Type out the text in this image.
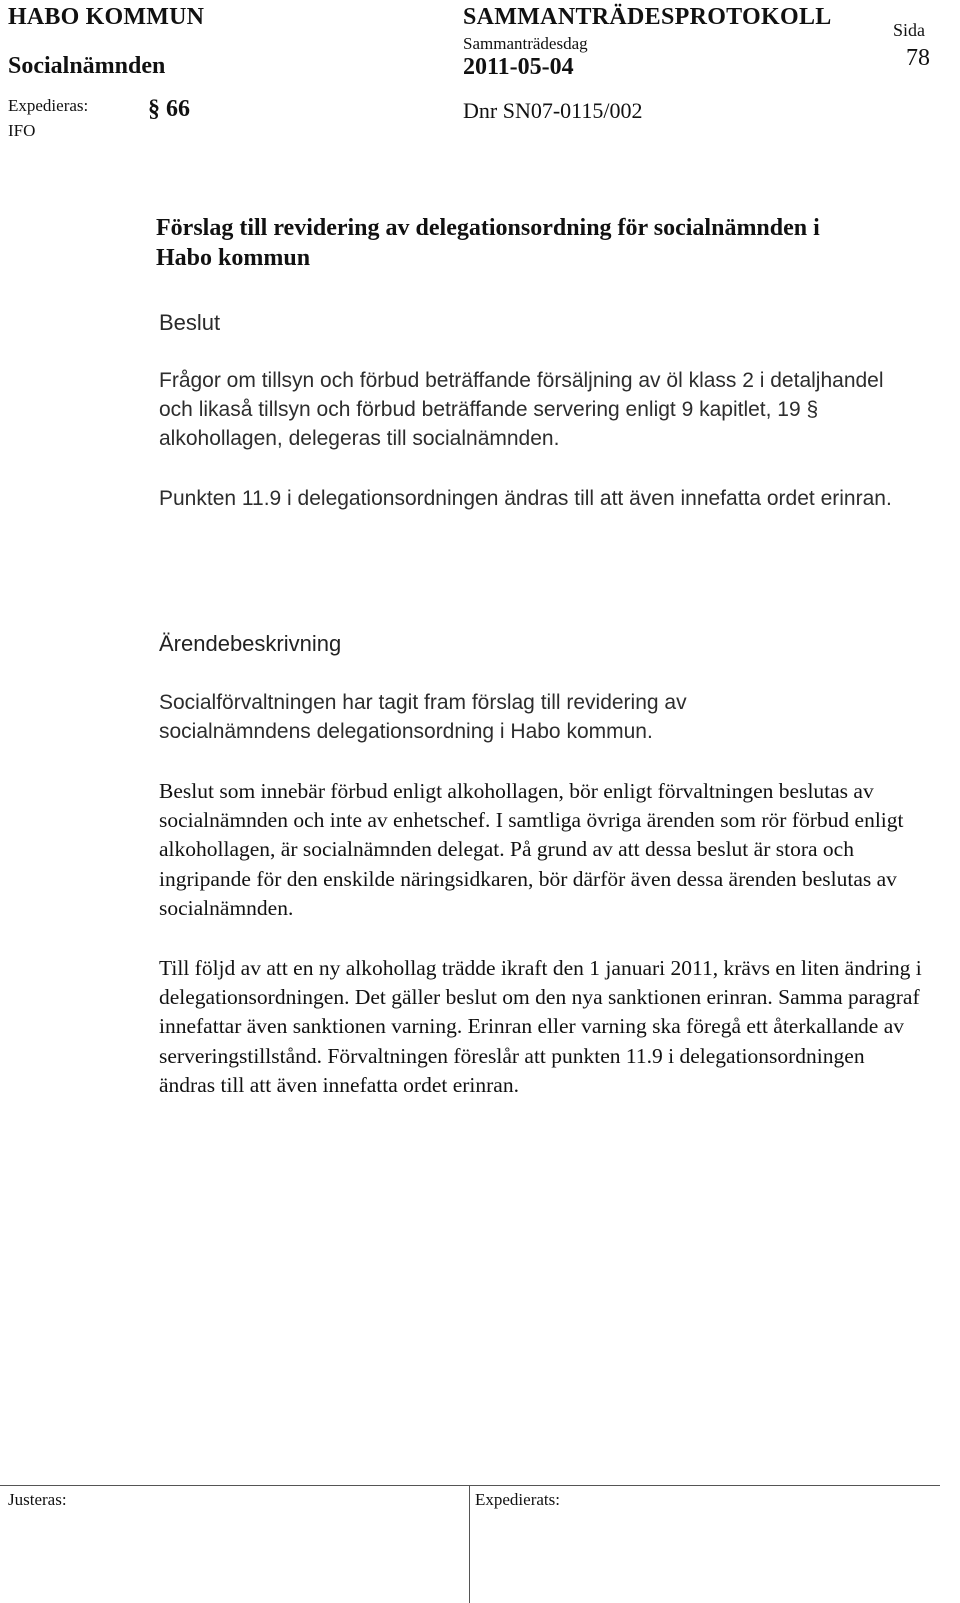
HABO KOMMUN
Socialnämnden
Expedieras:
IFO
§ 66
SAMMANTRÄDESPROTOKOLL
Sammanträdesdag
2011-05-04
Dnr SN07-0115/002
Sida
78
Förslag till revidering av delegationsordning för socialnämnden i
Habo kommun
Beslut
Frågor om tillsyn och förbud beträffande försäljning av öl klass 2 i detaljhandel och likaså tillsyn och förbud beträffande servering enligt 9 kapitlet, 19 § alkohollagen, delegeras till socialnämnden.
Punkten 11.9 i delegationsordningen ändras till att även innefatta ordet erinran.
Ärendebeskrivning
Socialförvaltningen har tagit fram förslag till revidering av socialnämndens delegationsordning i Habo kommun.
Beslut som innebär förbud enligt alkohollagen, bör enligt förvaltningen beslutas av socialnämnden och inte av enhetschef. I samtliga övriga ärenden som rör förbud enligt alkohollagen, är socialnämnden delegat. På grund av att dessa beslut är stora och ingripande för den enskilde näringsidkaren, bör därför även dessa ärenden beslutas av socialnämnden.
Till följd av att en ny alkohollag trädde ikraft den 1 januari 2011, krävs en liten ändring i delegationsordningen. Det gäller beslut om den nya sanktionen erinran. Samma paragraf innefattar även sanktionen varning. Erinran eller varning ska föregå ett återkallande av serveringstillstånd. Förvaltningen föreslår att punkten 11.9 i delegationsordningen ändras till att även innefatta ordet erinran.
Justeras:	Expedierats:
